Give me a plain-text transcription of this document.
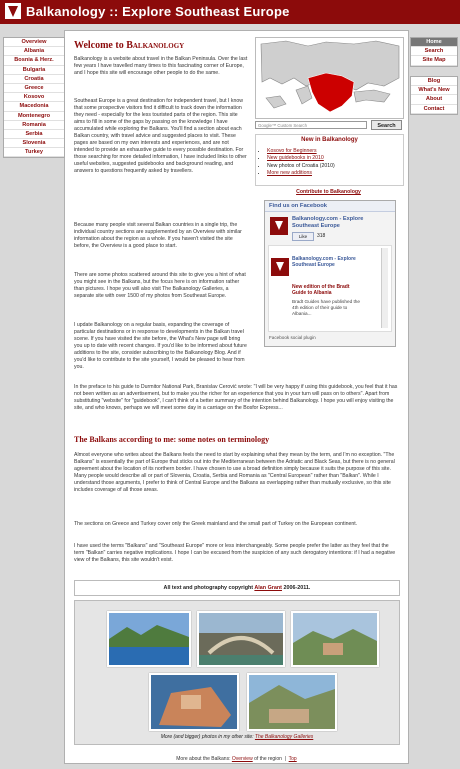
Balkanology :: Explore Southeast Europe
Overview
Albania
Bosnia & Herz.
Bulgaria
Croatia
Greece
Kosovo
Macedonia
Montenegro
Romania
Serbia
Slovenia
Turkey
Home
Search
Site Map
Blog
What's New
About
Contact
Welcome to Balkanology
Balkanology is a website about travel in the Balkan Peninsula. Over the last few years I have travelled many times to this fascinating corner of Europe, and I hope this site will encourage other people to do the same.
Southeast Europe is a great destination for independent travel, but I know that some prospective visitors find it difficult to track down the information they need - especially for the less touristed parts of the region. This site aims to fill in some of the gaps by passing on the knowledge I have accumulated while exploring the Balkans. You'll find a section about each Balkan country, with travel advice and suggested places to visit. These pages are based on my own interests and experiences, and are not intended to provide an exhaustive guide to every possible destination. For those searching for more detailed information, I have included links to other useful websites, suggested guidebooks and background reading, and answers to questions frequently asked by travellers.
Because many people visit several Balkan countries in a single trip, the individual country sections are supplemented by an Overview with similar information about the region as a whole. If you haven't visited the site before, the Overview is a good place to start.
There are some photos scattered around this site to give you a hint of what you might see in the Balkans, but the focus here is on information rather than pictures. I hope you will also visit The Balkanology Galleries, a separate site with over 1500 of my photos from Southeast Europe.
I update Balkanology on a regular basis, expanding the coverage of particular destinations or in response to developments in the Balkan travel scene. If you have visited the site before, the What's New page will bring you up to date with recent changes. If you'd like to be informed about future additions to the site, consider subscribing to the Balkanology Blog. And if you'd like to contribute to the site yourself, I would be pleased to hear from you.
In the preface to his guide to Durmitor National Park, Branislav Cerović wrote: "I will be very happy if using this guidebook, you feel that it has not been written as an advertisement, but to make you the richer for an experience that you in your turn will pass on to others". Apart from substituting "website" for "guidebook", I can't think of a better summary of the intention behind Balkanology. I hope you will enjoy visiting the site, and who knows, perhaps we will meet some day in a carriage on the Bosfor Express...
The Balkans according to me: some notes on terminology
Almost everyone who writes about the Balkans feels the need to start by explaining what they mean by the term, and I'm no exception. "The Balkans" is essentially the part of Europe that sticks out into the Mediterranean between the Adriatic and Black Seas, but there is no general agreement about the location of its northern border. I have chosen to use a broad definition simply because it suits the purpose of this site. Many people would describe all or part of Slovenia, Croatia, Serbia and Romania as "Central European" rather than "Balkan". While I understand those arguments, I prefer to think of Central Europe and the Balkans as overlapping rather than mutually exclusive, so this site includes coverage of all those areas.
The sections on Greece and Turkey cover only the Greek mainland and the small part of Turkey on the European continent.
I have used the terms "Balkans" and "Southeast Europe" more or less interchangeably. Some people prefer the latter as they feel that the term "Balkan" carries negative implications. I hope I can be excused from the suspicion of any such derogatory intentions: if I had a negative view of the Balkans, this site wouldn't exist.
Google™ Custom Search	Search
New in Balkanology
• Kosovo for Beginners
• New guidebooks in 2010
• New photos of Croatia (2010)
• More new additions
Contribute to Balkanology
Find us on Facebook
Balkanology.com - Explore Southeast Europe
Like	318
Balkanology.com - Explore Southeast Europe
New edition of the Bradt Guide to Albania
Bradt Guides have published the 4th edition of their guide to Albania...
Facebook social plugin
All text and photography copyright Alan Grant 2006-2011.
More (and bigger) photos in my other site: The Balkanology Galleries
More about the Balkans: Overview of the region  |  Top
